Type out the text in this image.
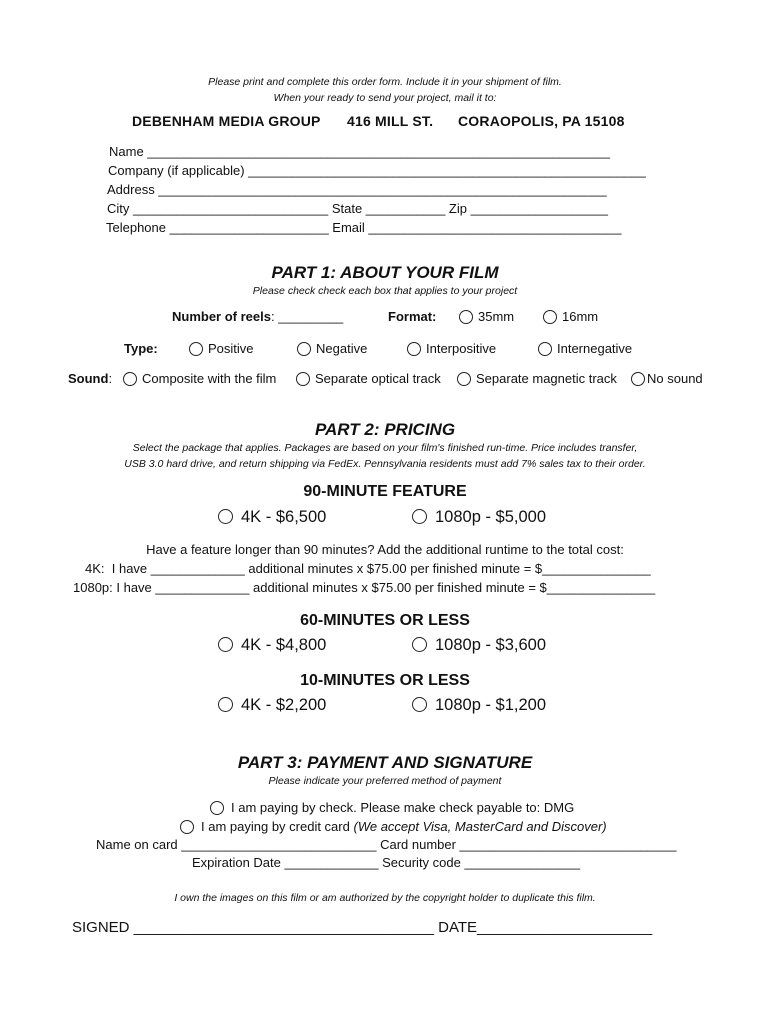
Please print and complete this order form. Include it in your shipment of film.
When your ready to send your project, mail it to:
DEBENHAM MEDIA GROUP 416 MILL ST. CORAOPOLIS, PA 15108
Name ________________________________________________________________
Company (if applicable) _______________________________________________________
Address ______________________________________________________________
City ___________________________ State ___________ Zip ___________________
Telephone ______________________ Email ___________________________________
PART 1: ABOUT YOUR FILM
Please check check each box that applies to your project
Number of reels: _________	Format:	35mm	16mm
Type:	Positive	Negative	Interpositive	Internegative
Sound:	Composite with the film	Separate optical track	Separate magnetic track	No sound
PART 2: PRICING
Select the package that applies. Packages are based on your film's finished run-time. Price includes transfer,
USB 3.0 hard drive, and return shipping via FedEx. Pennsylvania residents must add 7% sales tax to their order.
90-MINUTE FEATURE
4K - $6,500	1080p - $5,000
Have a feature longer than 90 minutes? Add the additional runtime to the total cost:
4K:  I have _____________ additional minutes x $75.00 per finished minute = $_______________
1080p: I have _____________ additional minutes x $75.00 per finished minute = $_______________
60-MINUTES OR LESS
4K - $4,800	1080p - $3,600
10-MINUTES OR LESS
4K - $2,200	1080p - $1,200
PART 3: PAYMENT AND SIGNATURE
Please indicate your preferred method of payment
I am paying by check. Please make check payable to: DMG
I am paying by credit card (We accept Visa, MasterCard and Discover)
Name on card ___________________________ Card number ______________________________
Expiration Date _____________ Security code ________________
I own the images on this film or am authorized by the copyright holder to duplicate this film.
SIGNED ____________________________________ DATE_____________________
